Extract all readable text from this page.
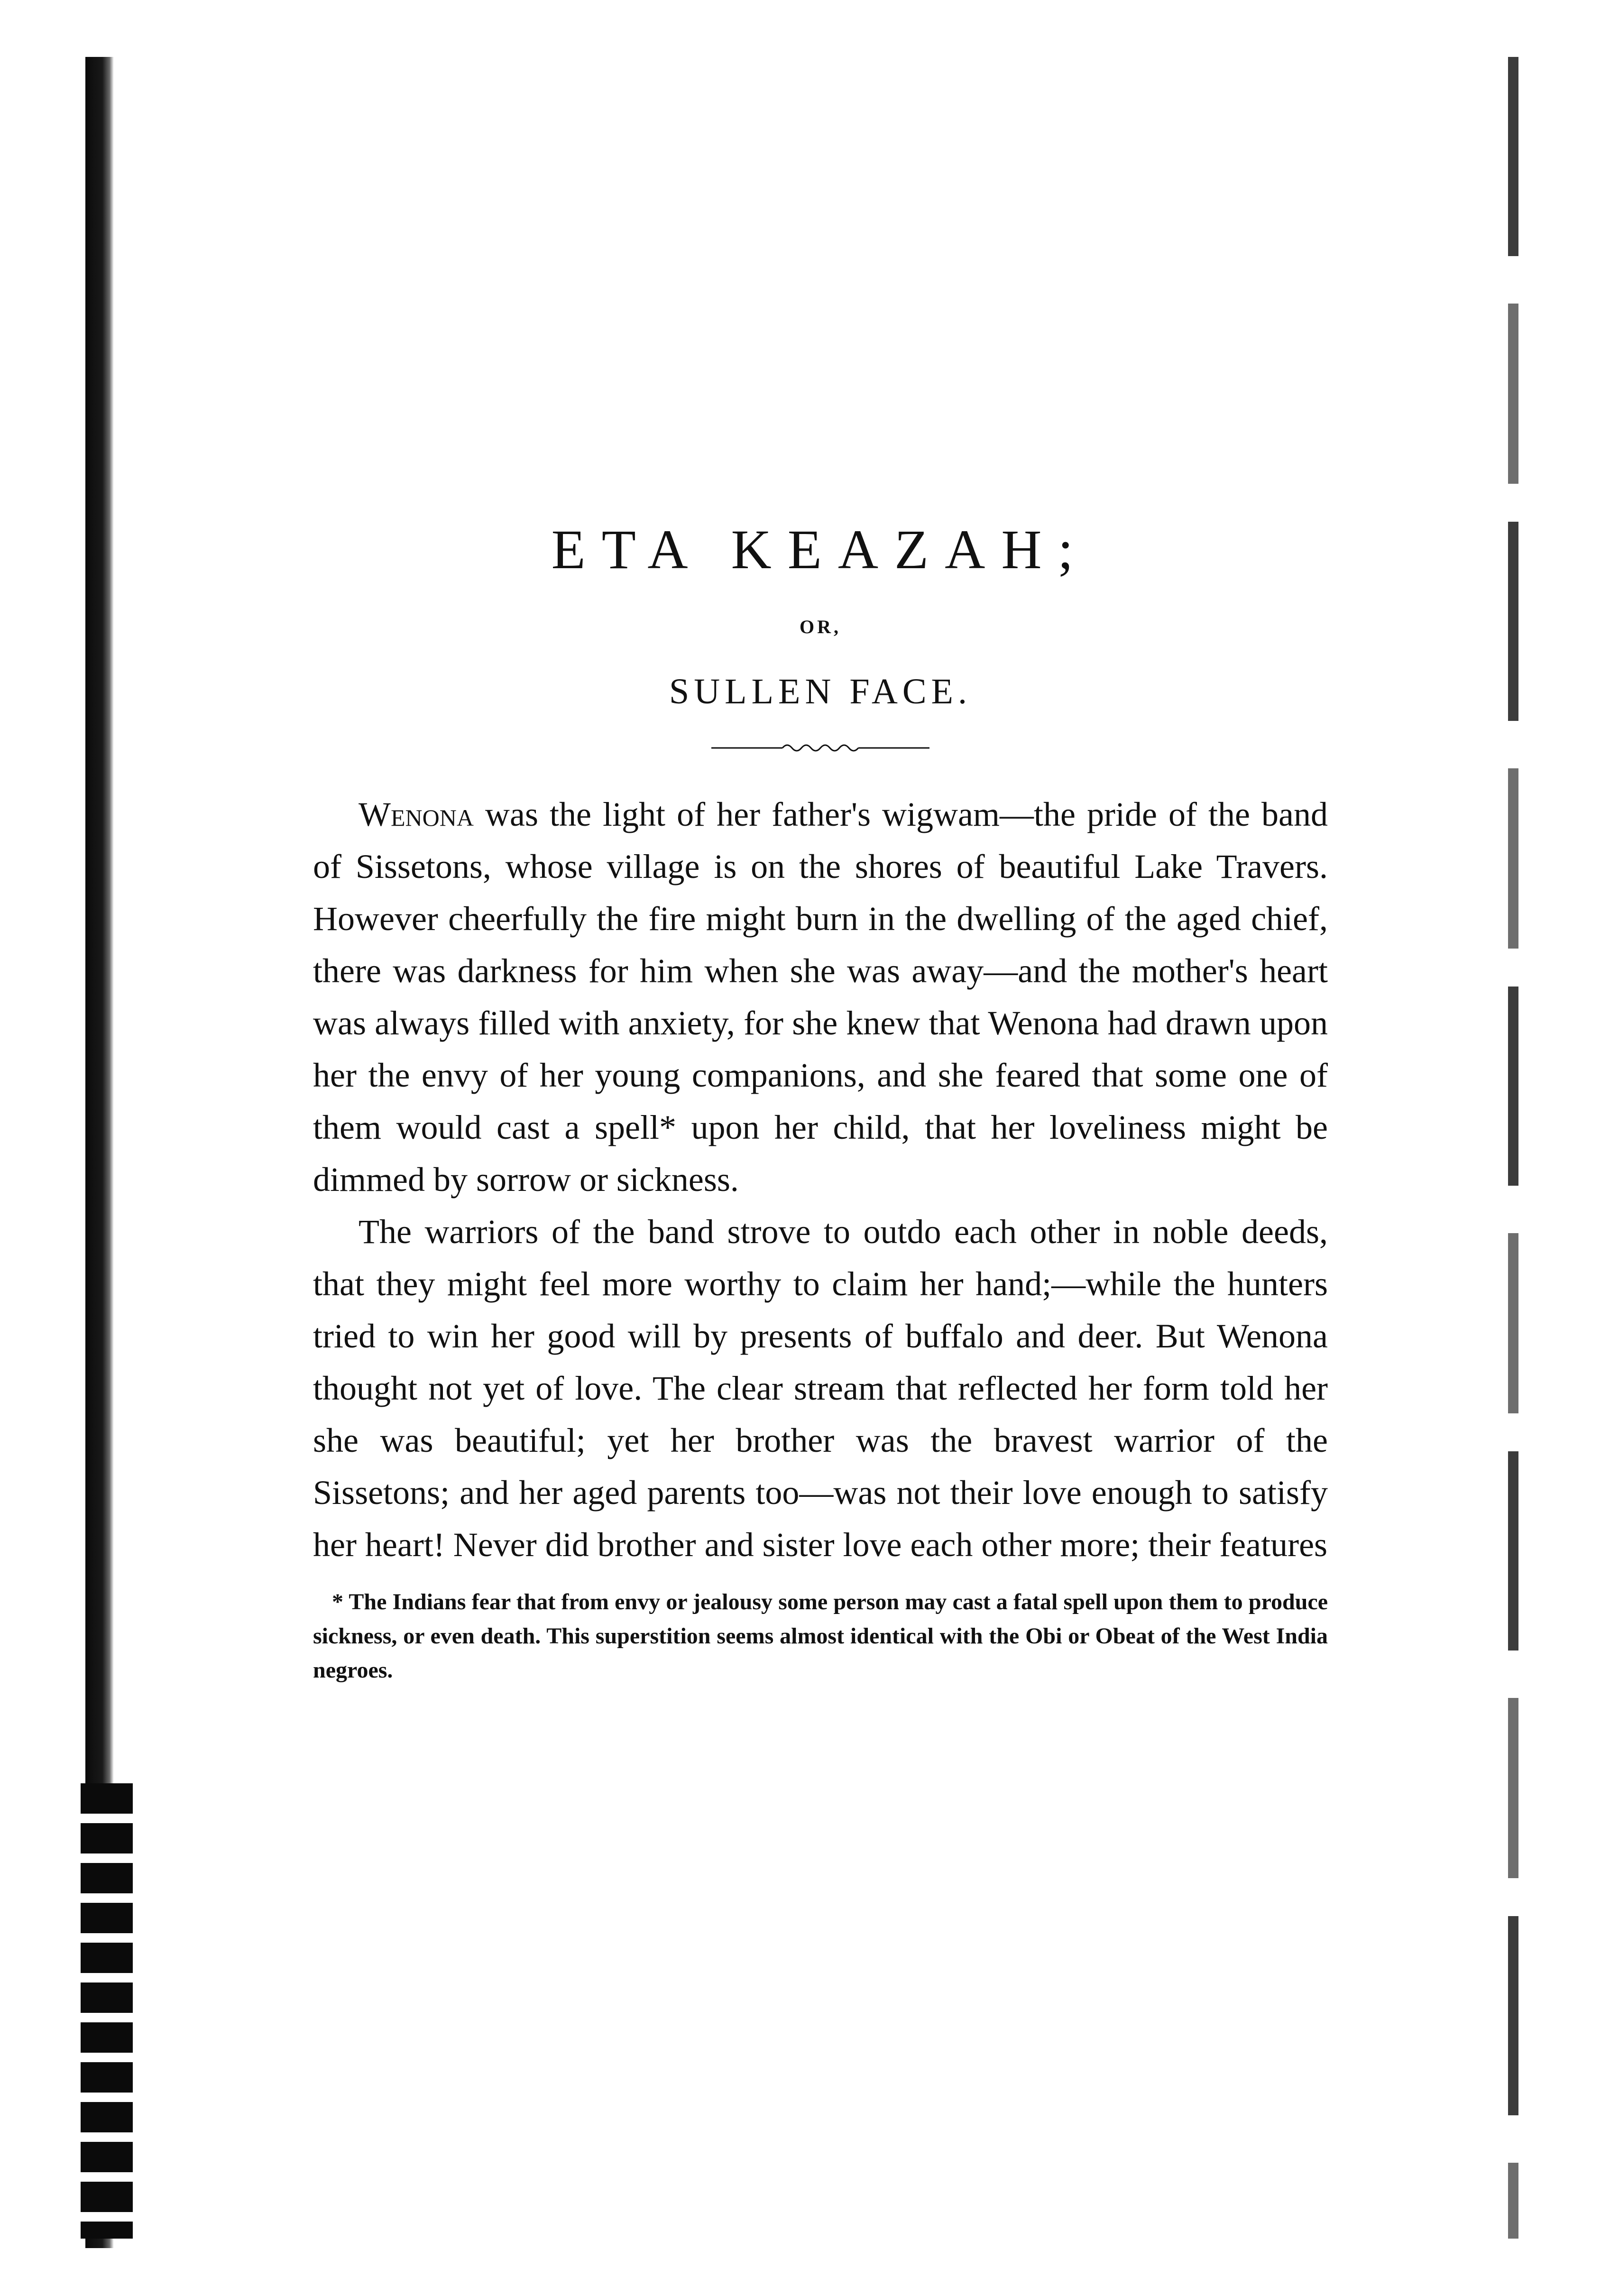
ETA KEAZAH;
OR,
SULLEN FACE.

Wenona was the light of her father's wigwam—the pride of the band of Sissetons, whose village is on the shores of beautiful Lake Travers. However cheerfully the fire might burn in the dwelling of the aged chief, there was darkness for him when she was away—and the mother's heart was always filled with anxiety, for she knew that Wenona had drawn upon her the envy of her young companions, and she feared that some one of them would cast a spell* upon her child, that her loveliness might be dimmed by sorrow or sickness.

The warriors of the band strove to outdo each other in noble deeds, that they might feel more worthy to claim her hand;—while the hunters tried to win her good will by presents of buffalo and deer. But Wenona thought not yet of love. The clear stream that reflected her form told her she was beautiful; yet her brother was the bravest warrior of the Sissetons; and her aged parents too—was not their love enough to satisfy her heart! Never did brother and sister love each other more; their features

* The Indians fear that from envy or jealousy some person may cast a fatal spell upon them to produce sickness, or even death. This superstition seems almost identical with the Obi or Obeat of the West India negroes.
